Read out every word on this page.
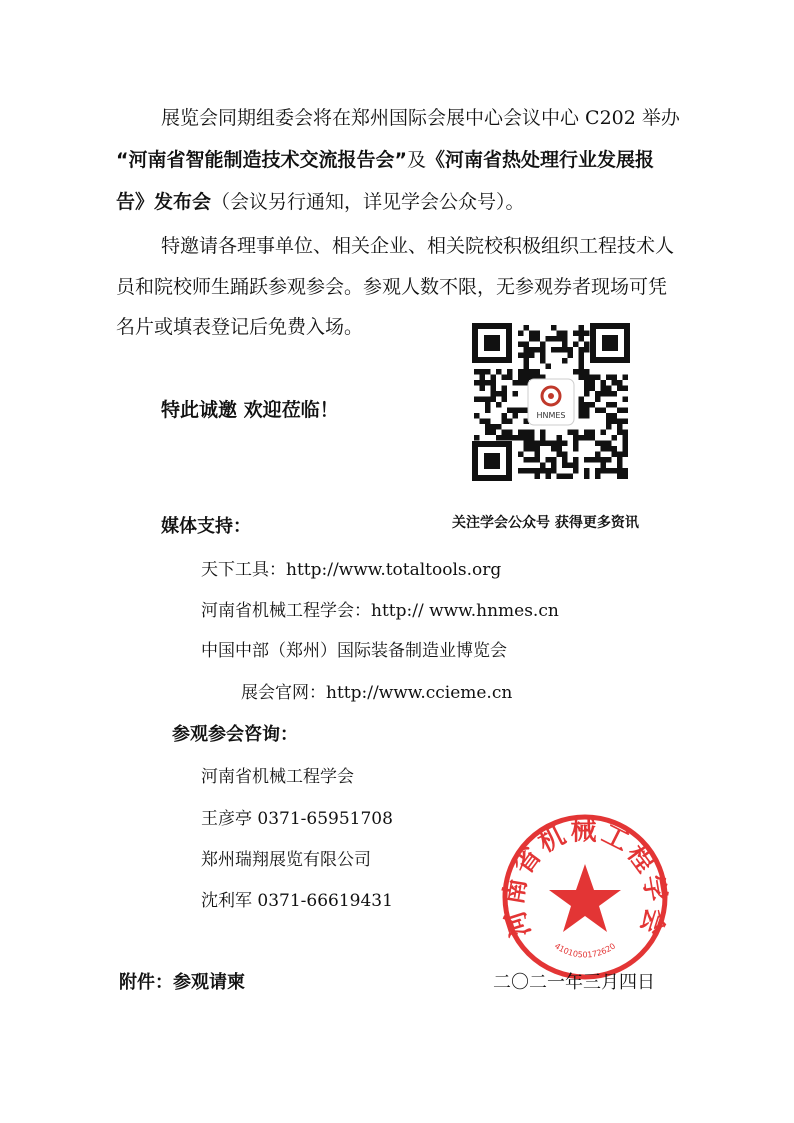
展览会同期组委会将在郑州国际会展中心会议中心 C202 举办
“河南省智能制造技术交流报告会”及《河南省热处理行业发展报
告》发布会（会议另行通知，详见学会公众号）。
特邀请各理事单位、相关企业、相关院校积极组织工程技术人
员和院校师生踊跃参观参会。参观人数不限，无参观券者现场可凭
名片或填表登记后免费入场。
特此诚邀 欢迎莅临！	HNMES
关注学会公众号 获得更多资讯
媒体支持：
天下工具：http://www.totaltools.org
河南省机械工程学会：http:// www.hnmes.cn
中国中部（郑州）国际装备制造业博览会
展会官网：http://www.ccieme.cn
参观参会咨询：
河南省机械工程学会
王彦亭 0371-65951708
郑州瑞翔展览有限公司
沈利军 0371-66619431
河南省机械工程学会
4101050172620
附件：参观请柬	二〇二一年三月四日
